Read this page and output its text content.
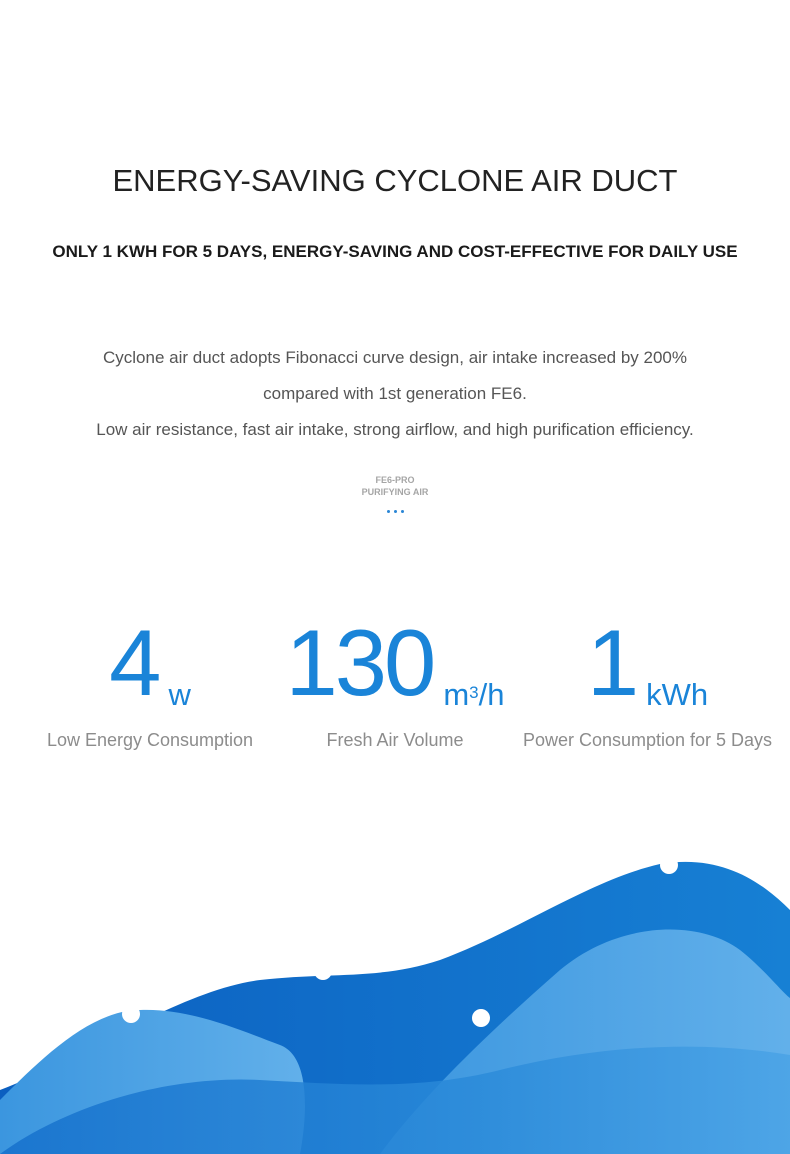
ENERGY-SAVING CYCLONE AIR DUCT
ONLY 1 KWH FOR 5 DAYS, ENERGY-SAVING AND COST-EFFECTIVE FOR DAILY USE

Cyclone air duct adopts Fibonacci curve design, air intake increased by 200%

compared with 1st generation FE6.

Low air resistance, fast air intake, strong airflow, and high purification efficiency.

FE6-PRO
PURIFYING AIR
4 w
Low Energy Consumption
130 $m^3/h$
Fresh Air Volume
1 kWh
Power Consumption for 5 Days
